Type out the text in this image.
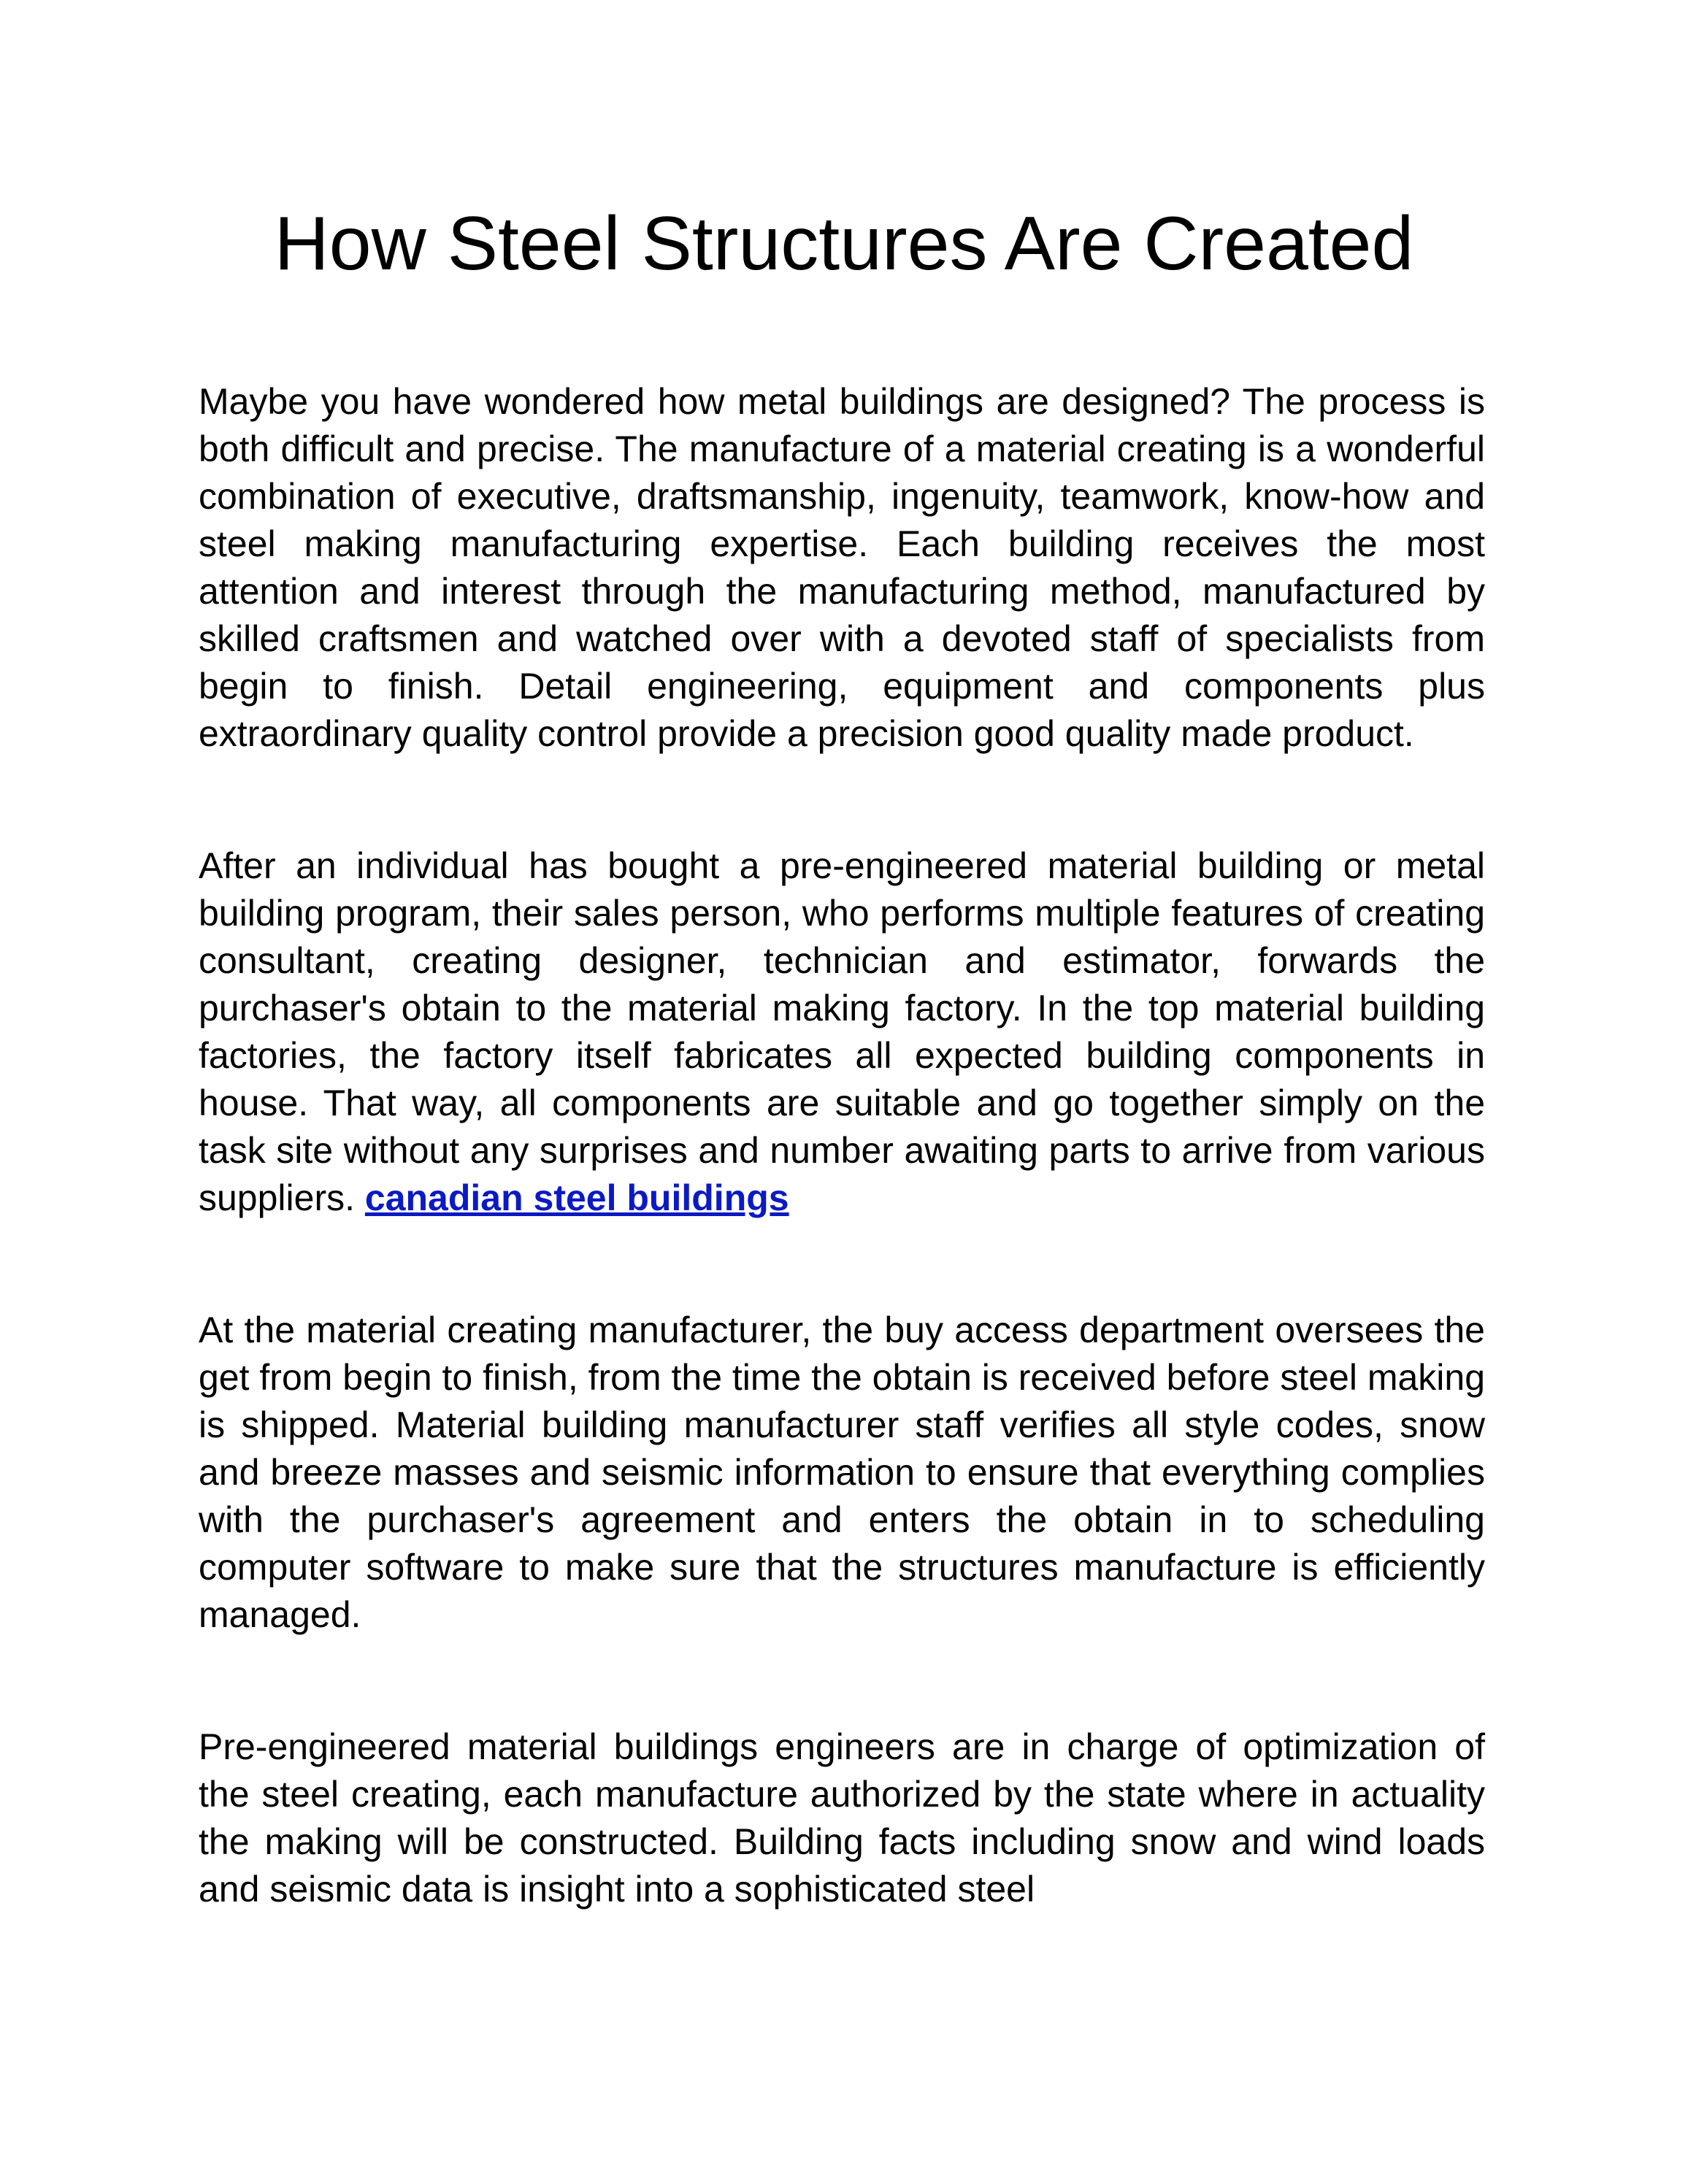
How Steel Structures Are Created

Maybe you have wondered how metal buildings are designed? The process is both difficult and precise. The manufacture of a material creating is a wonderful combination of executive, draftsmanship, ingenuity, teamwork, know-how and steel making manufacturing expertise. Each building receives the most attention and interest through the manufacturing method, manufactured by skilled craftsmen and watched over with a devoted staff of specialists from begin to finish. Detail engineering, equipment and components plus extraordinary quality control provide a precision good quality made product.

After an individual has bought a pre-engineered material building or metal building program, their sales person, who performs multiple features of creating consultant, creating designer, technician and estimator, forwards the purchaser's obtain to the material making factory. In the top material building factories, the factory itself fabricates all expected building components in house. That way, all components are suitable and go together simply on the task site without any surprises and number awaiting parts to arrive from various suppliers. canadian steel buildings

At the material creating manufacturer, the buy access department oversees the get from begin to finish, from the time the obtain is received before steel making is shipped. Material building manufacturer staff verifies all style codes, snow and breeze masses and seismic information to ensure that everything complies with the purchaser's agreement and enters the obtain in to scheduling computer software to make sure that the structures manufacture is efficiently managed.

Pre-engineered material buildings engineers are in charge of optimization of the steel creating, each manufacture authorized by the state where in actuality the making will be constructed. Building facts including snow and wind loads and seismic data is insight into a sophisticated steel
